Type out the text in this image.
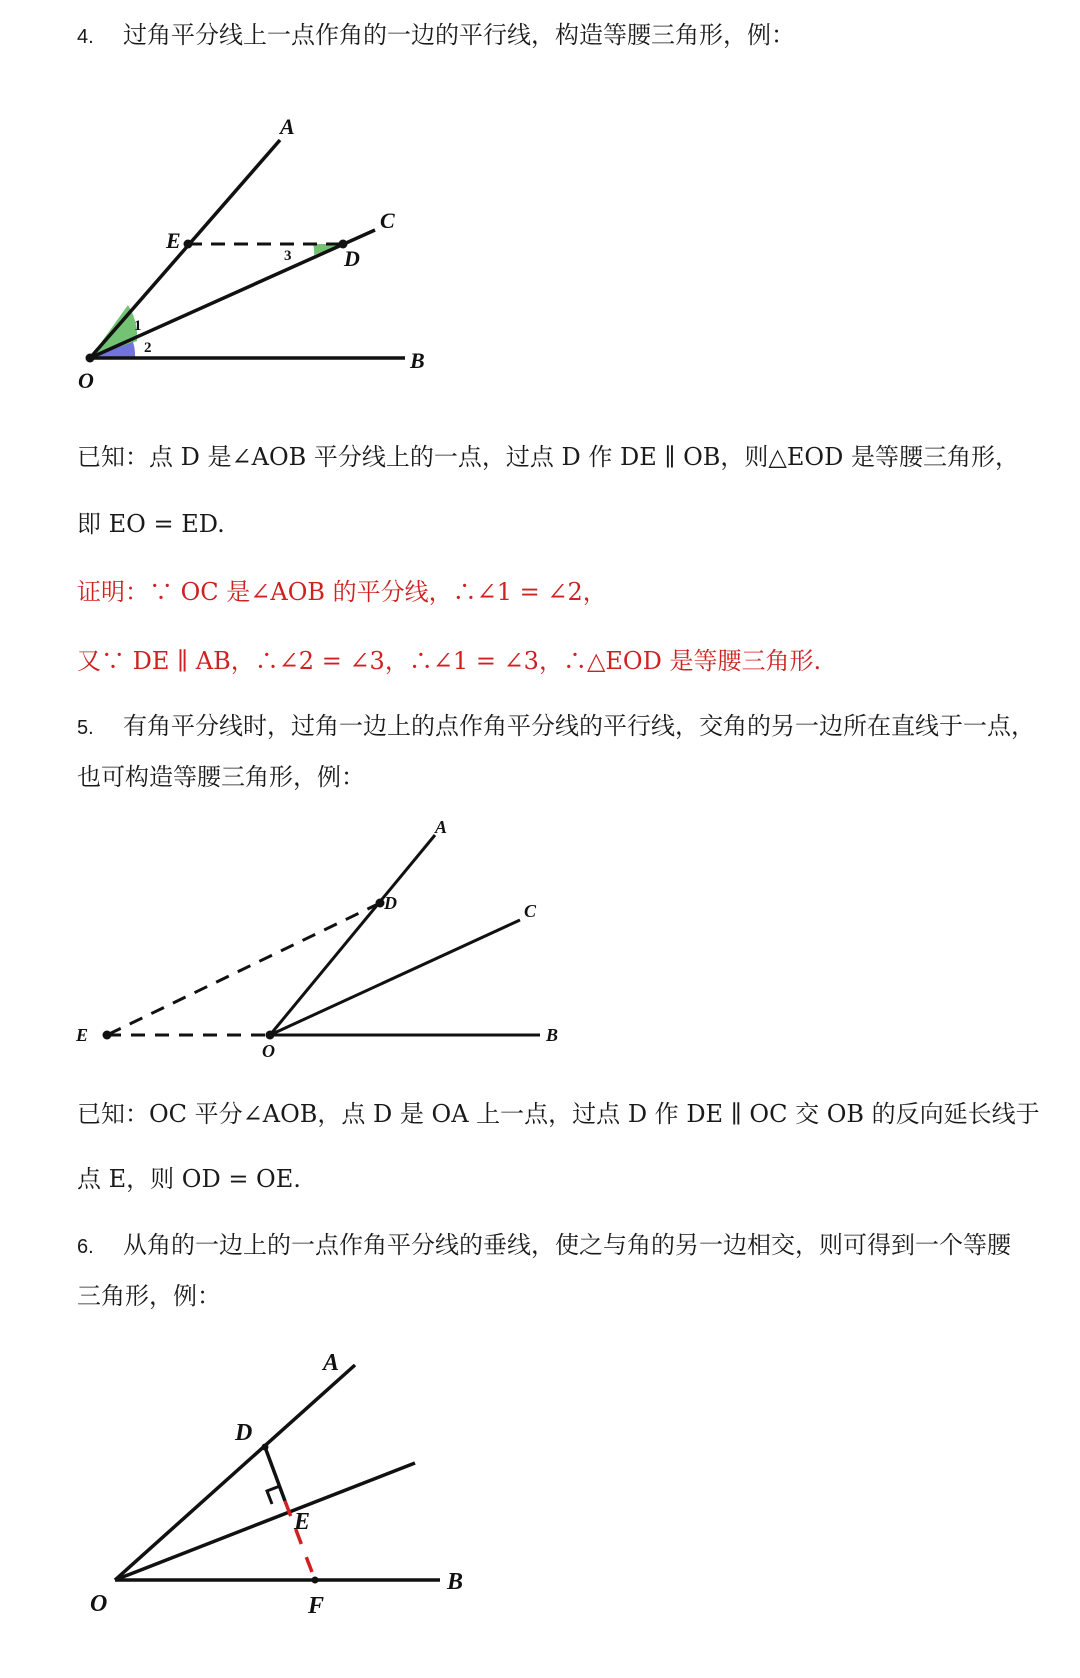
4. 过角平分线上一点作角的一边的平行线，构造等腰三角形，例：
A
C
E
D
O
B
1
2
3
已知：点 D 是∠AOB 平分线上的一点，过点 D 作 DE ∥ OB，则△EOD 是等腰三角形，
即 EO = ED.
证明：∵ OC 是∠AOB 的平分线，∴∠1 = ∠2，
又∵ DE ∥ AB，∴∠2 = ∠3，∴∠1 = ∠3，∴△EOD 是等腰三角形.
5. 有角平分线时，过角一边上的点作角平分线的平行线，交角的另一边所在直线于一点，
也可构造等腰三角形，例：
A
D	C
E
O
B
已知：OC 平分∠AOB，点 D 是 OA 上一点，过点 D 作 DE ∥ OC 交 OB 的反向延长线于
点 E，则 OD = OE.
6. 从角的一边上的一点作角平分线的垂线，使之与角的另一边相交，则可得到一个等腰
三角形，例：
A
D
E
O	F
B
